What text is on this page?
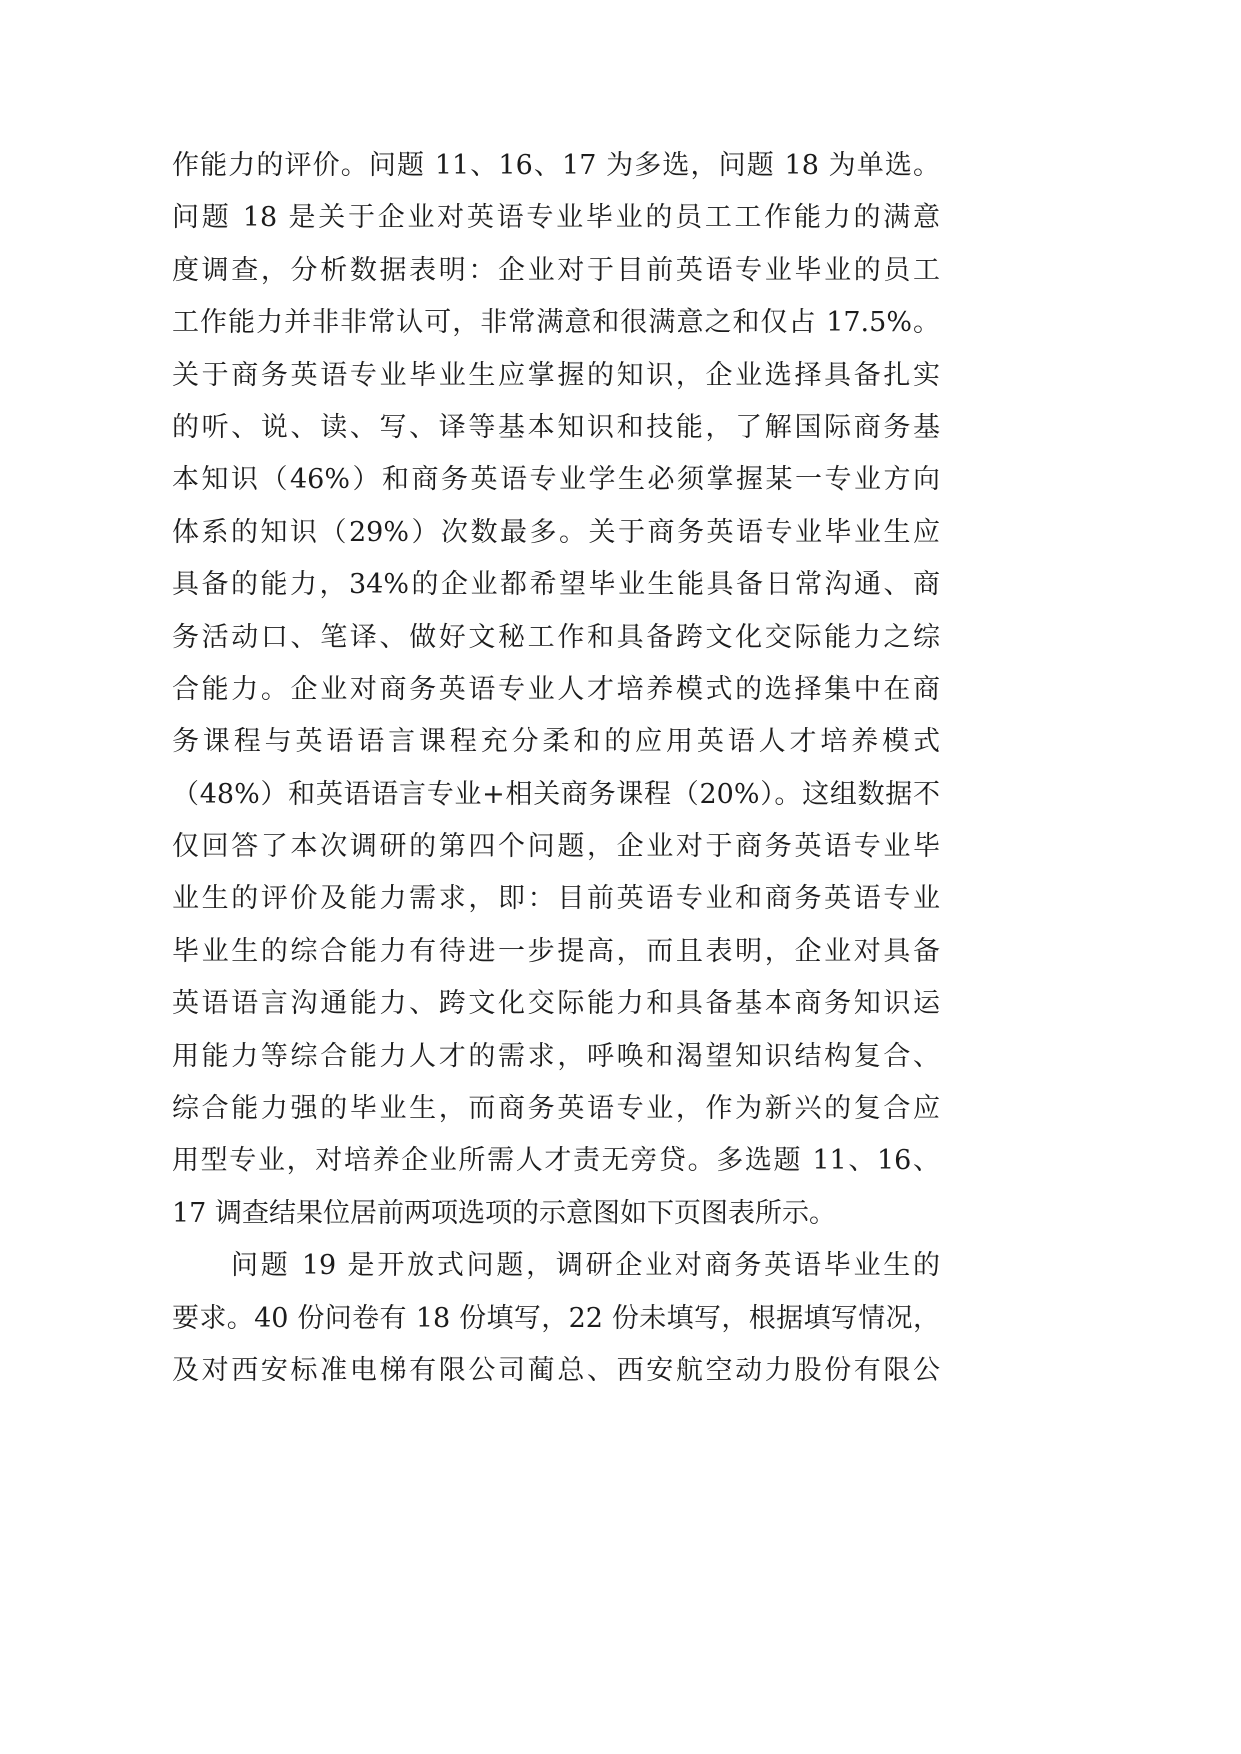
作能力的评价。问题 11、16、17 为多选，问题 18 为单选。
问题 18 是关于企业对英语专业毕业的员工工作能力的满意
度调查，分析数据表明：企业对于目前英语专业毕业的员工
工作能力并非非常认可，非常满意和很满意之和仅占 17.5%。
关于商务英语专业毕业生应掌握的知识，企业选择具备扎实
的听、说、读、写、译等基本知识和技能，了解国际商务基
本知识（46%）和商务英语专业学生必须掌握某一专业方向
体系的知识（29%）次数最多。关于商务英语专业毕业生应
具备的能力，34%的企业都希望毕业生能具备日常沟通、商
务活动口、笔译、做好文秘工作和具备跨文化交际能力之综
合能力。企业对商务英语专业人才培养模式的选择集中在商
务课程与英语语言课程充分柔和的应用英语人才培养模式
（48%）和英语语言专业+相关商务课程（20%）。这组数据不
仅回答了本次调研的第四个问题，企业对于商务英语专业毕
业生的评价及能力需求，即：目前英语专业和商务英语专业
毕业生的综合能力有待进一步提高，而且表明，企业对具备
英语语言沟通能力、跨文化交际能力和具备基本商务知识运
用能力等综合能力人才的需求，呼唤和渴望知识结构复合、
综合能力强的毕业生，而商务英语专业，作为新兴的复合应
用型专业，对培养企业所需人才责无旁贷。多选题 11、16、
17 调查结果位居前两项选项的示意图如下页图表所示。
问题 19 是开放式问题，调研企业对商务英语毕业生的
要求。40 份问卷有 18 份填写，22 份未填写，根据填写情况，
及对西安标准电梯有限公司蔺总、西安航空动力股份有限公
